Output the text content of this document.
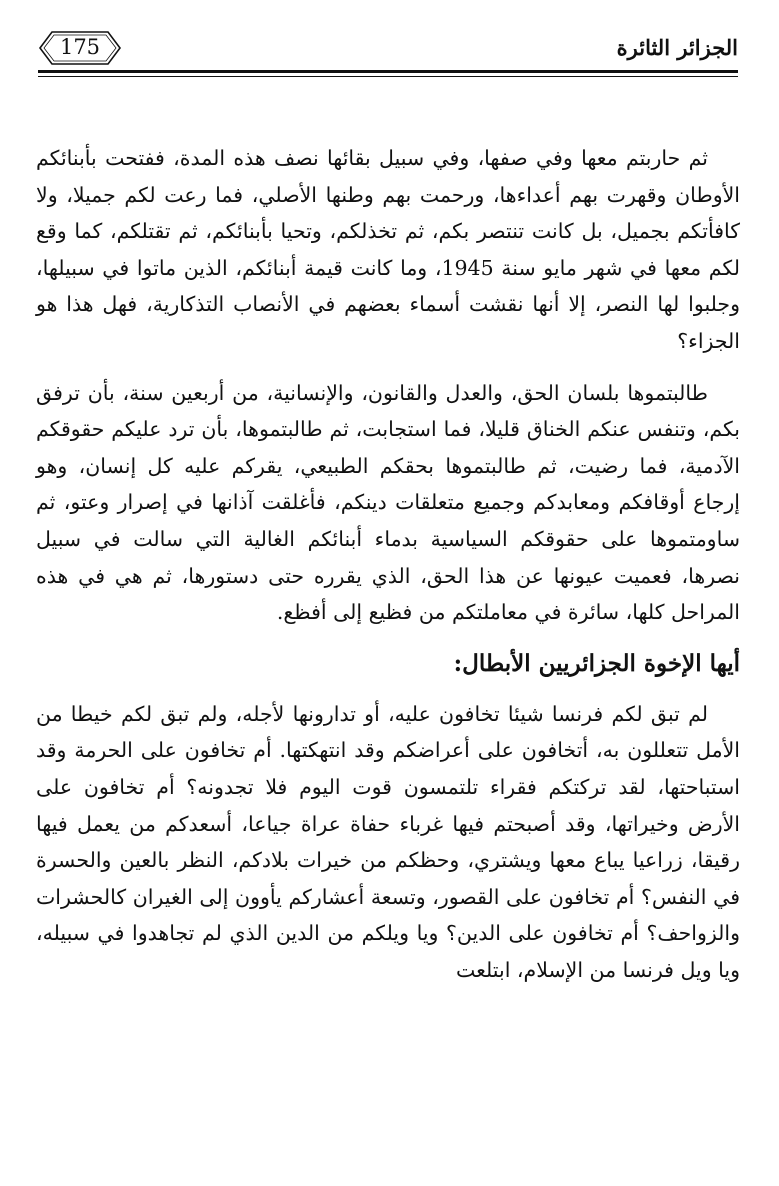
175	الجزائر الثائرة

ثم حاربتم معها وفي صفها، وفي سبيل بقائها نصف هذه المدة، ففتحت بأبنائكم الأوطان وقهرت بهم أعداءها، ورحمت بهم وطنها الأصلي، فما رعت لكم جميلا، ولا كافأتكم بجميل، بل كانت تنتصر بكم، ثم تخذلكم، وتحيا بأبنائكم، ثم تقتلكم، كما وقع لكم معها في شهر مايو سنة 1945، وما كانت قيمة أبنائكم، الذين ماتوا في سبيلها، وجلبوا لها النصر، إلا أنها نقشت أسماء بعضهم في الأنصاب التذكارية، فهل هذا هو الجزاء؟

طالبتموها بلسان الحق، والعدل والقانون، والإنسانية، من أربعين سنة، بأن ترفق بكم، وتنفس عنكم الخناق قليلا، فما استجابت، ثم طالبتموها، بأن ترد عليكم حقوقكم الآدمية، فما رضيت، ثم طالبتموها بحقكم الطبيعي، يقركم عليه كل إنسان، وهو إرجاع أوقافكم ومعابدكم وجميع متعلقات دينكم، فأغلقت آذانها في إصرار وعتو، ثم ساومتموها على حقوقكم السياسية بدماء أبنائكم الغالية التي سالت في سبيل نصرها، فعميت عيونها عن هذا الحق، الذي يقرره حتى دستورها، ثم هي في هذه المراحل كلها، سائرة في معاملتكم من فظيع إلى أفظع.

أيها الإخوة الجزائريين الأبطال:

لم تبق لكم فرنسا شيئا تخافون عليه، أو تدارونها لأجله، ولم تبق لكم خيطا من الأمل تتعللون به، أتخافون على أعراضكم وقد انتهكتها. أم تخافون على الحرمة وقد استباحتها، لقد تركتكم فقراء تلتمسون قوت اليوم فلا تجدونه؟ أم تخافون على الأرض وخيراتها، وقد أصبحتم فيها غرباء حفاة عراة جياعا، أسعدكم من يعمل فيها رقيقا، زراعيا يباع معها ويشتري، وحظكم من خيرات بلادكم، النظر بالعين والحسرة في النفس؟ أم تخافون على القصور، وتسعة أعشاركم يأوون إلى الغيران كالحشرات والزواحف؟ أم تخافون على الدين؟ ويا ويلكم من الدين الذي لم تجاهدوا في سبيله، ويا ويل فرنسا من الإسلام، ابتلعت
